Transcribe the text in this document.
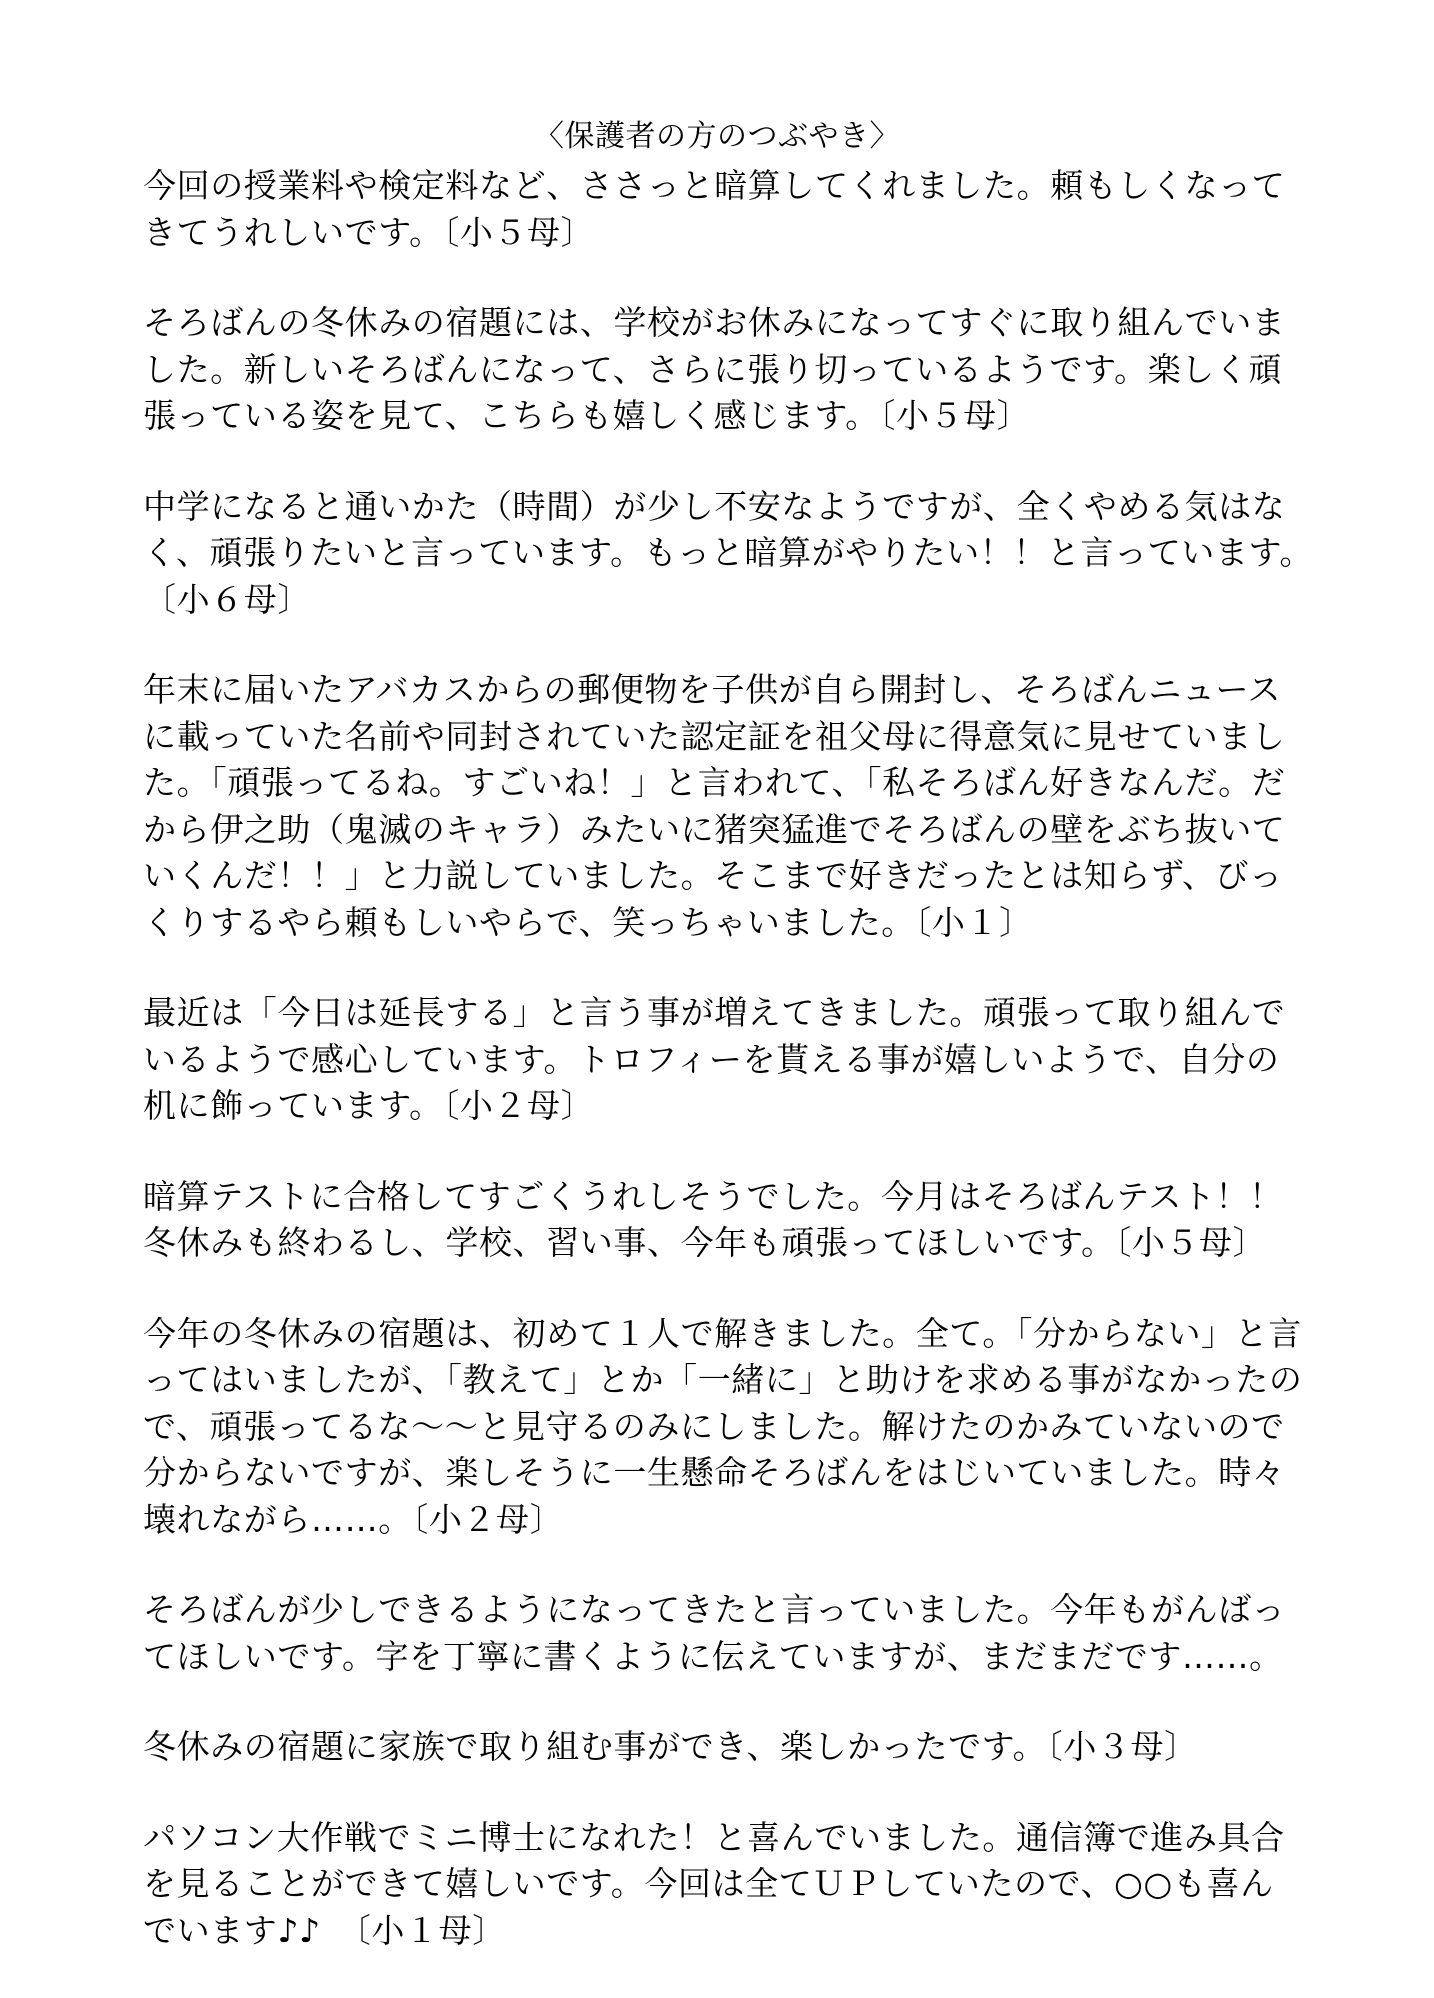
〈保護者の方のつぶやき〉
今回の授業料や検定料など、ささっと暗算してくれました。頼もしくなって
きてうれしいです。〔小５母〕
そろばんの冬休みの宿題には、学校がお休みになってすぐに取り組んでいま
した。新しいそろばんになって、さらに張り切っているようです。楽しく頑
張っている姿を見て、こちらも嬉しく感じます。〔小５母〕
中学になると通いかた（時間）が少し不安なようですが、全くやめる気はな
く、頑張りたいと言っています。もっと暗算がやりたい！！と言っています。
〔小６母〕
年末に届いたアバカスからの郵便物を子供が自ら開封し、そろばんニュース
に載っていた名前や同封されていた認定証を祖父母に得意気に見せていまし
た。「頑張ってるね。すごいね！」と言われて、「私そろばん好きなんだ。だ
から伊之助（鬼滅のキャラ）みたいに猪突猛進でそろばんの壁をぶち抜いて
いくんだ！！」と力説していました。そこまで好きだったとは知らず、びっ
くりするやら頼もしいやらで、笑っちゃいました。〔小１〕
最近は「今日は延長する」と言う事が増えてきました。頑張って取り組んで
いるようで感心しています。トロフィーを貰える事が嬉しいようで、自分の
机に飾っています。〔小２母〕
暗算テストに合格してすごくうれしそうでした。今月はそろばんテスト！！
冬休みも終わるし、学校、習い事、今年も頑張ってほしいです。〔小５母〕
今年の冬休みの宿題は、初めて１人で解きました。全て。「分からない」と言
ってはいましたが、「教えて」とか「一緒に」と助けを求める事がなかったの
で、頑張ってるな～～と見守るのみにしました。解けたのかみていないので
分からないですが、楽しそうに一生懸命そろばんをはじいていました。時々
壊れながら……。〔小２母〕
そろばんが少しできるようになってきたと言っていました。今年もがんばっ
てほしいです。字を丁寧に書くように伝えていますが、まだまだです……。
冬休みの宿題に家族で取り組む事ができ、楽しかったです。〔小３母〕
パソコン大作戦でミニ博士になれた！と喜んでいました。通信簿で進み具合
を見ることができて嬉しいです。今回は全てＵＰしていたので、○○も喜ん
でいます♪♪　〔小１母〕
